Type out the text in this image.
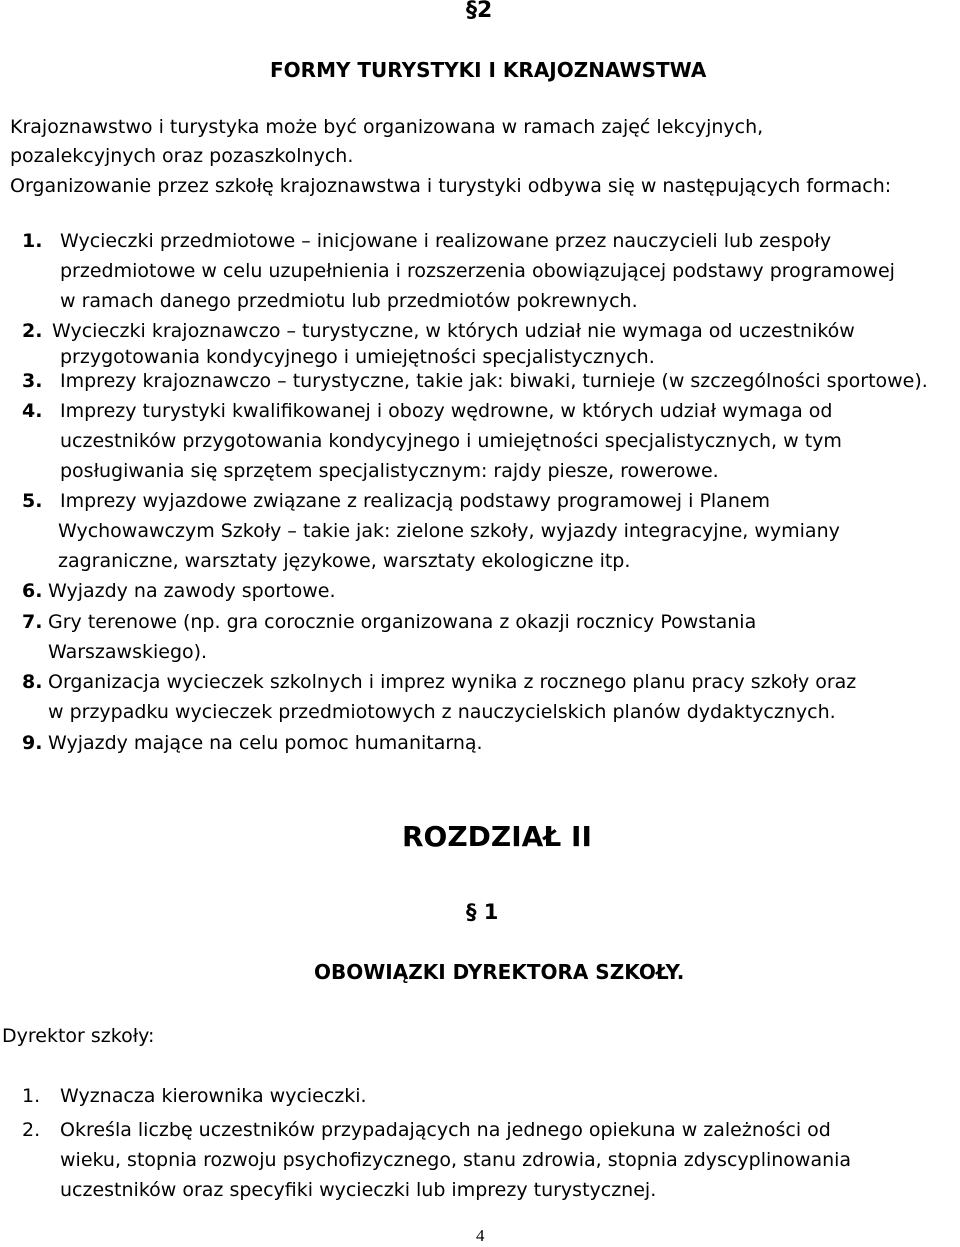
§2
FORMY TURYSTYKI I KRAJOZNAWSTWA
Krajoznawstwo i turystyka może być organizowana w ramach zajęć lekcyjnych,
pozalekcyjnych oraz pozaszkolnych.
Organizowanie przez szkołę krajoznawstwa i turystyki odbywa się w następujących formach:
1. Wycieczki przedmiotowe – inicjowane i realizowane przez nauczycieli lub zespoły
przedmiotowe w celu uzupełnienia i rozszerzenia obowiązującej podstawy programowej
w ramach danego przedmiotu lub przedmiotów pokrewnych.
2. Wycieczki krajoznawczo – turystyczne, w których udział nie wymaga od uczestników
przygotowania kondycyjnego i umiejętności specjalistycznych.
3. Imprezy krajoznawczo – turystyczne, takie jak: biwaki, turnieje (w szczególności sportowe).
4. Imprezy turystyki kwalifikowanej i obozy wędrowne, w których udział wymaga od
uczestników przygotowania kondycyjnego i umiejętności specjalistycznych, w tym
posługiwania się sprzętem specjalistycznym: rajdy piesze, rowerowe.
5. Imprezy wyjazdowe związane z realizacją podstawy programowej i Planem
Wychowawczym Szkoły – takie jak: zielone szkoły, wyjazdy integracyjne, wymiany
zagraniczne, warsztaty językowe, warsztaty ekologiczne itp.
6. Wyjazdy na zawody sportowe.
7. Gry terenowe (np. gra corocznie organizowana z okazji rocznicy Powstania
Warszawskiego).
8. Organizacja wycieczek szkolnych i imprez wynika z rocznego planu pracy szkoły oraz
w przypadku wycieczek przedmiotowych z nauczycielskich planów dydaktycznych.
9. Wyjazdy mające na celu pomoc humanitarną.
ROZDZIAŁ II
§ 1
OBOWIĄZKI DYREKTORA SZKOŁY.
Dyrektor szkoły:
1. Wyznacza kierownika wycieczki.
2. Określa liczbę uczestników przypadających na jednego opiekuna w zależności od
wieku, stopnia rozwoju psychofizycznego, stanu zdrowia, stopnia zdyscyplinowania
uczestników oraz specyfiki wycieczki lub imprezy turystycznej.
4
